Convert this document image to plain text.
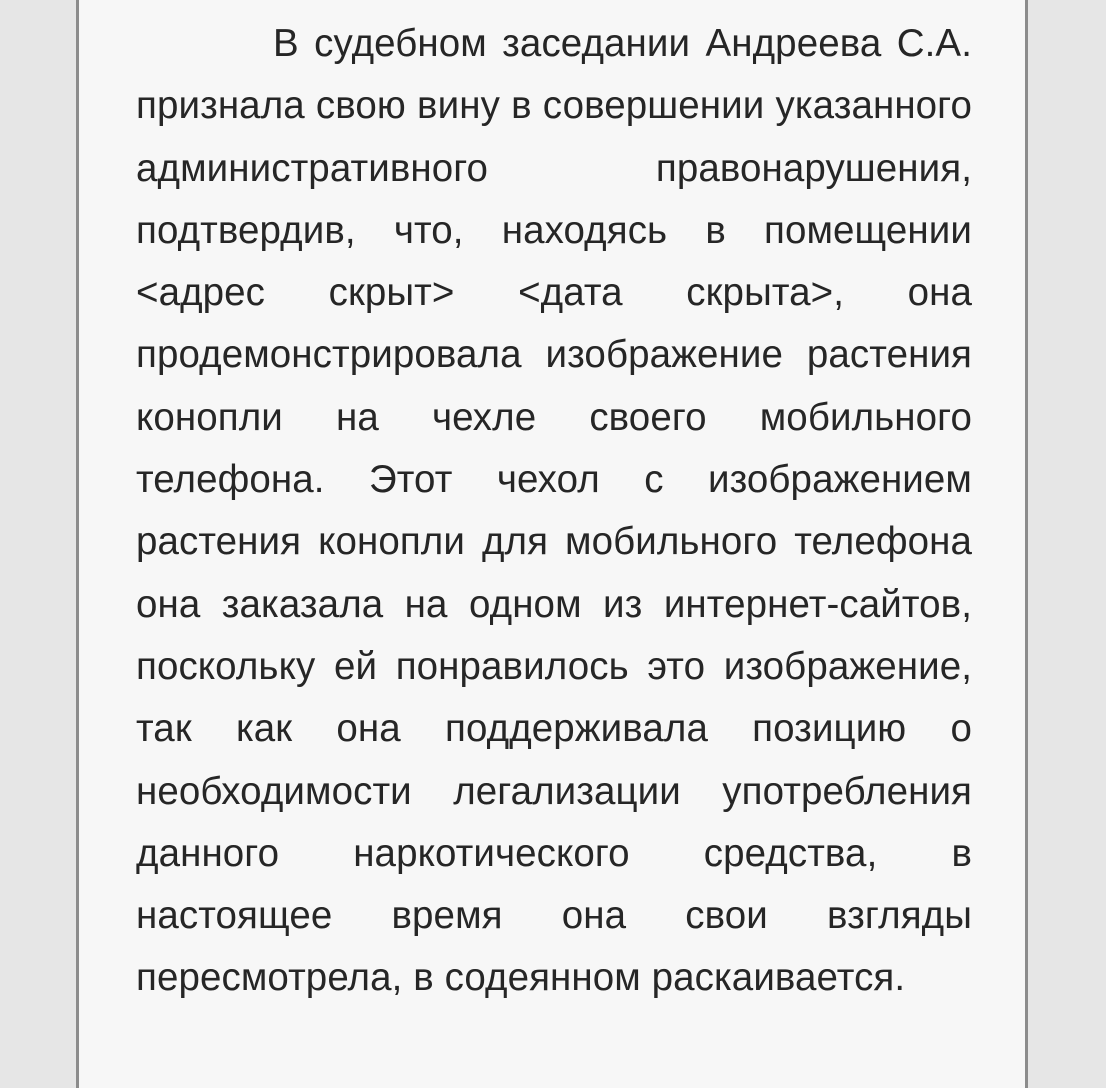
В судебном заседании Андреева С.А. признала свою вину в совершении указанного административного правонарушения, подтвердив, что, находясь в помещении <адрес скрыт> <дата скрыта>, она продемонстрировала изображение растения конопли на чехле своего мобильного телефона. Этот чехол с изображением растения конопли для мобильного телефона она заказала на одном из интернет-сайтов, поскольку ей понравилось это изображение, так как она поддерживала позицию о необходимости легализации употребления данного наркотического средства, в настоящее время она свои взгляды пересмотрела, в содеянном раскаивается.
